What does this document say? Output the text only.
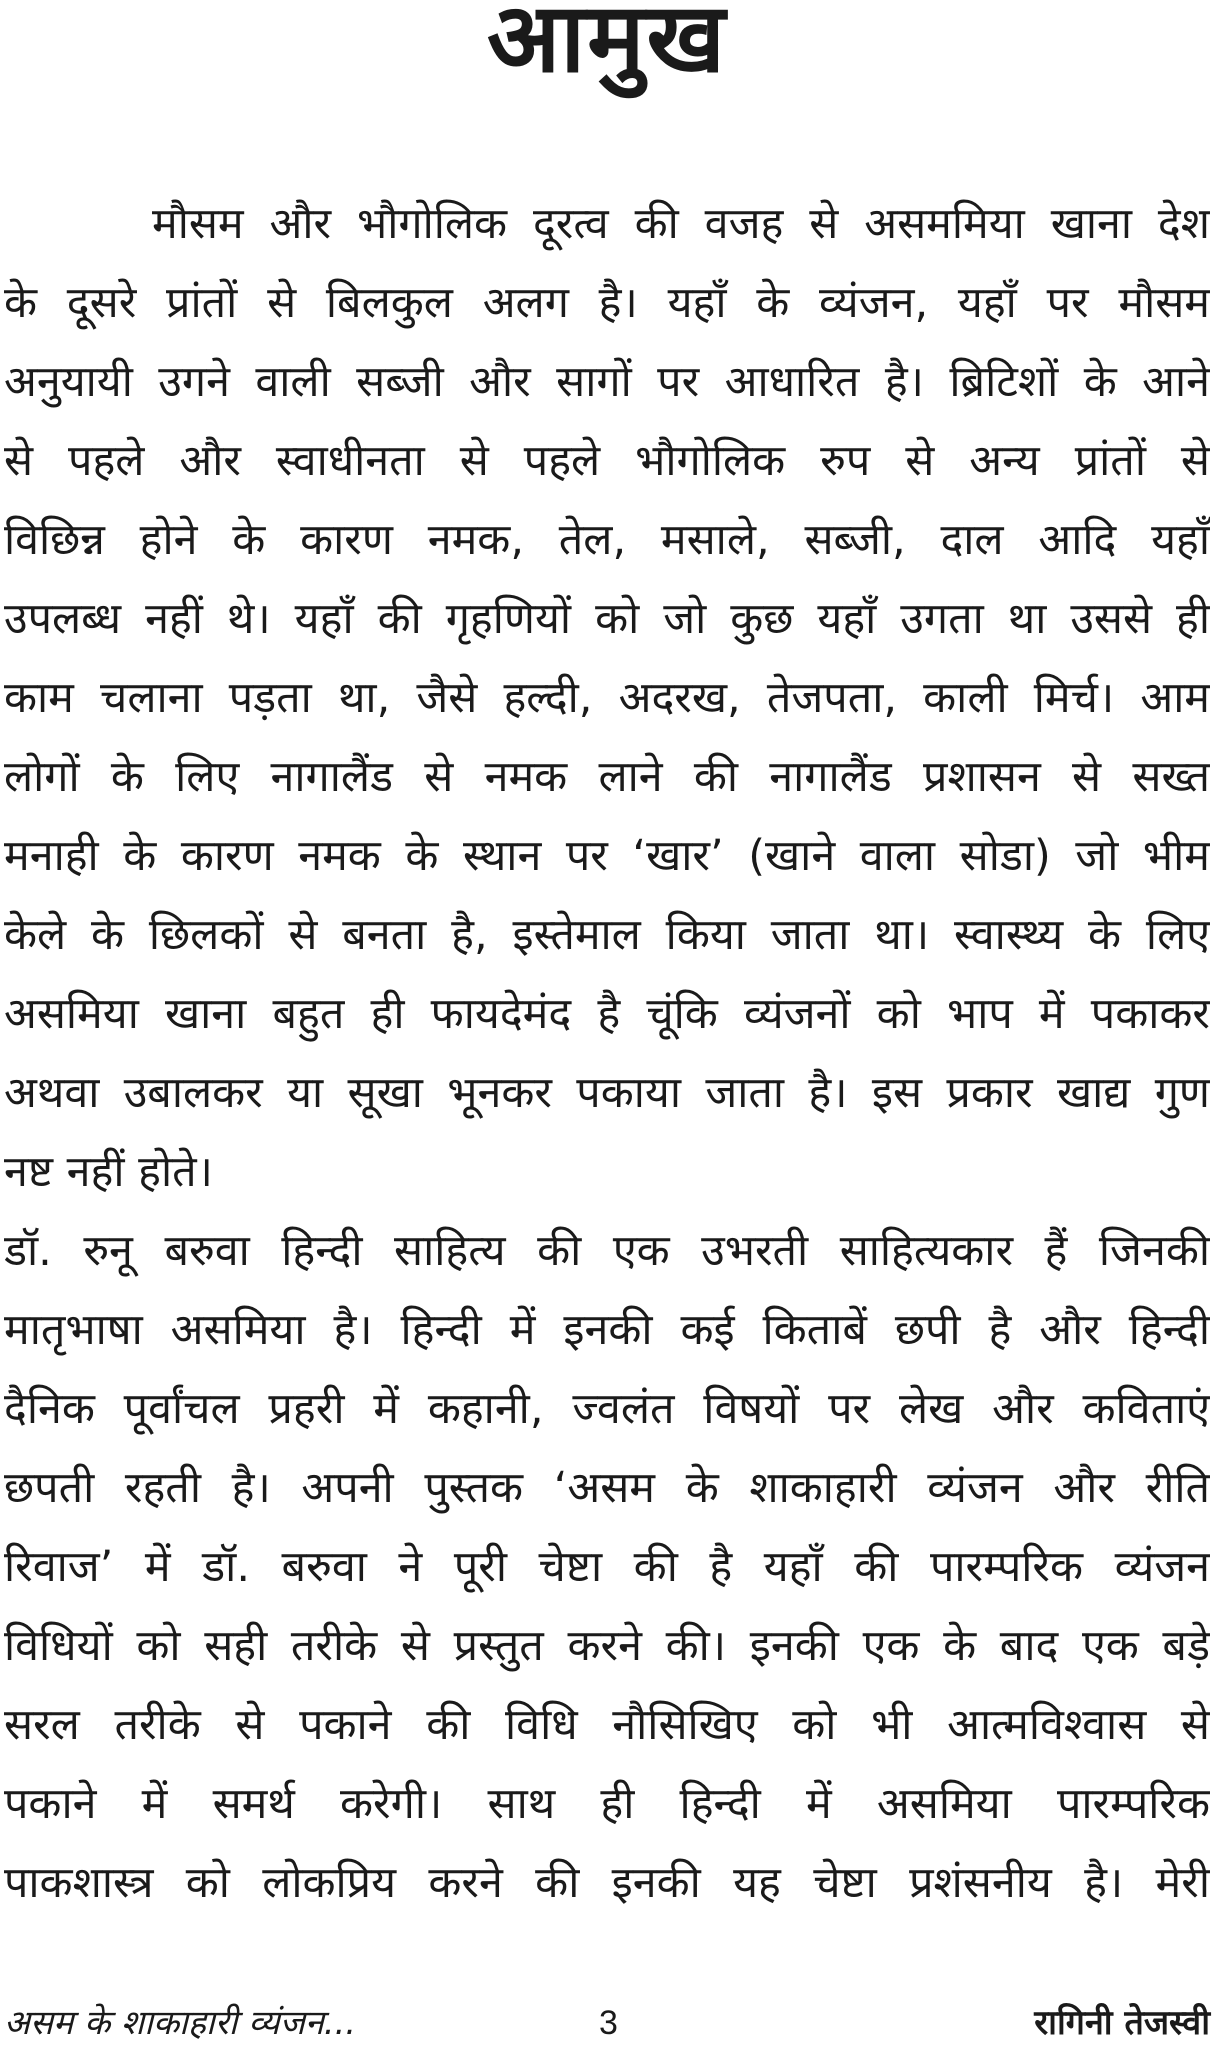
आमुख
मौसम और भौगोलिक दूरत्व की वजह से असममिया खाना देश
के दूसरे प्रांतों से बिलकुल अलग है। यहाँ के व्यंजन, यहाँ पर मौसम
अनुयायी उगने वाली सब्जी और सागों पर आधारित है। ब्रिटिशों के आने
से पहले और स्वाधीनता से पहले भौगोलिक रुप से अन्य प्रांतों से
विछिन्न होने के कारण नमक, तेल, मसाले, सब्जी, दाल आदि यहाँ
उपलब्ध नहीं थे। यहाँ की गृहणियों को जो कुछ यहाँ उगता था उससे ही
काम चलाना पड़ता था, जैसे हल्दी, अदरख, तेजपता, काली मिर्च। आम
लोगों के लिए नागालैंड से नमक लाने की नागालैंड प्रशासन से सख्त
मनाही के कारण नमक के स्थान पर ‘खार’ (खाने वाला सोडा) जो भीम
केले के छिलकों से बनता है, इस्तेमाल किया जाता था। स्वास्थ्य के लिए
असमिया खाना बहुत ही फायदेमंद है चूंकि व्यंजनों को भाप में पकाकर
अथवा उबालकर या सूखा भूनकर पकाया जाता है। इस प्रकार खाद्य गुण
नष्ट नहीं होते।
डॉ. रुनू बरुवा हिन्दी साहित्य की एक उभरती साहित्यकार हैं जिनकी
मातृभाषा असमिया है। हिन्दी में इनकी कई किताबें छपी है और हिन्दी
दैनिक पूर्वांचल प्रहरी में कहानी, ज्वलंत विषयों पर लेख और कविताएं
छपती रहती है। अपनी पुस्तक ‘असम के शाकाहारी व्यंजन और रीति
रिवाज’ में डॉ. बरुवा ने पूरी चेष्टा की है यहाँ की पारम्परिक व्यंजन
विधियों को सही तरीके से प्रस्तुत करने की। इनकी एक के बाद एक बड़े
सरल तरीके से पकाने की विधि नौसिखिए को भी आत्मविश्वास से
पकाने में समर्थ करेगी। साथ ही हिन्दी में असमिया पारम्परिक
पाकशास्त्र को लोकप्रिय करने की इनकी यह चेष्टा प्रशंसनीय है। मेरी
असम के शाकाहारी व्यंजन...	3	रागिनी तेजस्वी
